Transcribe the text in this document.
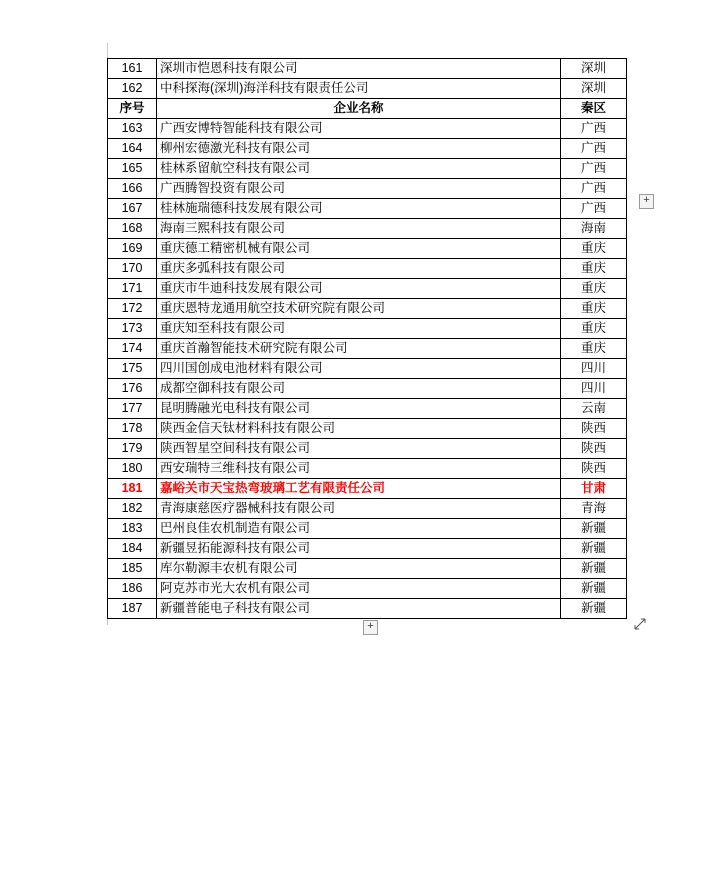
161	深圳市恺恩科技有限公司	深圳
162	中科探海(深圳)海洋科技有限责任公司	深圳
序号	企业名称	秦区
163	广西安博特智能科技有限公司	广西
164	柳州宏德激光科技有限公司	广西
165	桂林系留航空科技有限公司	广西
166	广西腾智投资有限公司	广西
167	桂林施瑞德科技发展有限公司	广西
168	海南三熙科技有限公司	海南
169	重庆德工精密机械有限公司	重庆
170	重庆多弧科技有限公司	重庆
171	重庆市牛迪科技发展有限公司	重庆
172	重庆恩特龙通用航空技术研究院有限公司	重庆
173	重庆知至科技有限公司	重庆
174	重庆首瀚智能技术研究院有限公司	重庆
175	四川国创成电池材料有限公司	四川
176	成都空御科技有限公司	四川
177	昆明腾融光电科技有限公司	云南
178	陕西金信天钛材料科技有限公司	陕西
179	陕西智星空间科技有限公司	陕西
180	西安瑞特三维科技有限公司	陕西
181	嘉峪关市天宝热弯玻璃工艺有限责任公司	甘肃
182	青海康慈医疗器械科技有限公司	青海
183	巴州良佳农机制造有限公司	新疆
184	新疆昱拓能源科技有限公司	新疆
185	库尔勒源丰农机有限公司	新疆
186	阿克苏市光大农机有限公司	新疆
187	新疆普能电子科技有限公司	新疆
+
+
